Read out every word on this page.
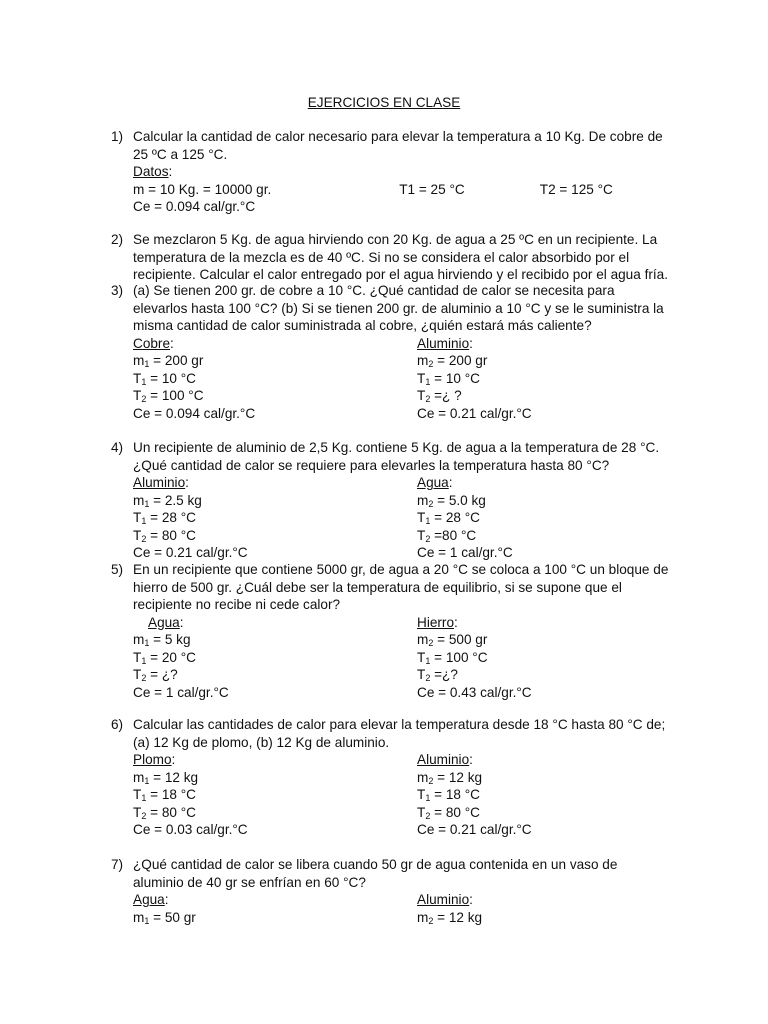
EJERCICIOS EN CLASE
1) Calcular la cantidad de calor necesario para elevar la temperatura a 10 Kg. De cobre de 25 ºC a 125 °C.

Datos:

m = 10 Kg. = 10000 gr.	T1 = 25 °C	T2 = 125 °C

Ce = 0.094 cal/gr.°C

2) Se mezclaron 5 Kg. de agua hirviendo con 20 Kg. de agua a 25 ºC en un recipiente. La temperatura de la mezcla es de 40 ºC. Si no se considera el calor absorbido por el recipiente. Calcular el calor entregado por el agua hirviendo y el recibido por el agua fría.

3) (a) Se tienen 200 gr. de cobre a 10 °C. ¿Qué cantidad de calor se necesita para elevarlos hasta 100 °C? (b) Si se tienen 200 gr. de aluminio a 10 °C y se le suministra la misma cantidad de calor suministrada al cobre, ¿quién estará más caliente?

Cobre:

$m_1 = 200$ gr

$T_1 = 10$ °C

$T_2 = 100$ °C

Ce = 0.094 cal/gr.°C

Aluminio:

$m_2 = 200$ gr

$T_1 = 10$ °C

$T_2$ =¿ ?

Ce = 0.21 cal/gr.°C

4) Un recipiente de aluminio de 2,5 Kg. contiene 5 Kg. de agua a la temperatura de 28 °C. ¿Qué cantidad de calor se requiere para elevarles la temperatura hasta 80 °C?

Aluminio:

$m_1 = 2.5$ kg

$T_1 = 28$ °C

$T_2 = 80$ °C

Ce = 0.21 cal/gr.°C

Agua:

$m_2 = 5.0$ kg

$T_1 = 28$ °C

$T_2 =80$ °C

Ce = 1 cal/gr.°C

5) En un recipiente que contiene 5000 gr, de agua a 20 °C se coloca a 100 °C un bloque de hierro de 500 gr. ¿Cuál debe ser la temperatura de equilibrio, si se supone que el recipiente no recibe ni cede calor?

Agua:

$m_1 = 5$ kg

$T_1 = 20$ °C

$T_2$ = ¿?

Ce = 1 cal/gr.°C

Hierro:

$m_2 = 500$ gr

$T_1 = 100$ °C

$T_2$ =¿?

Ce = 0.43 cal/gr.°C

6) Calcular las cantidades de calor para elevar la temperatura desde 18 °C hasta 80 °C de; (a) 12 Kg de plomo, (b) 12 Kg de aluminio.

Plomo:

$m_1 = 12$ kg

$T_1 = 18$ °C

$T_2 = 80$ °C

Ce = 0.03 cal/gr.°C

Aluminio:

$m_2 = 12$ kg

$T_1 = 18$ °C

$T_2 = 80$ °C

Ce = 0.21 cal/gr.°C

7) ¿Qué cantidad de calor se libera cuando 50 gr de agua contenida en un vaso de aluminio de 40 gr se enfrían en 60 °C?

Agua:

$m_1 = 50$ gr

Aluminio:

$m_2 = 12$ kg
